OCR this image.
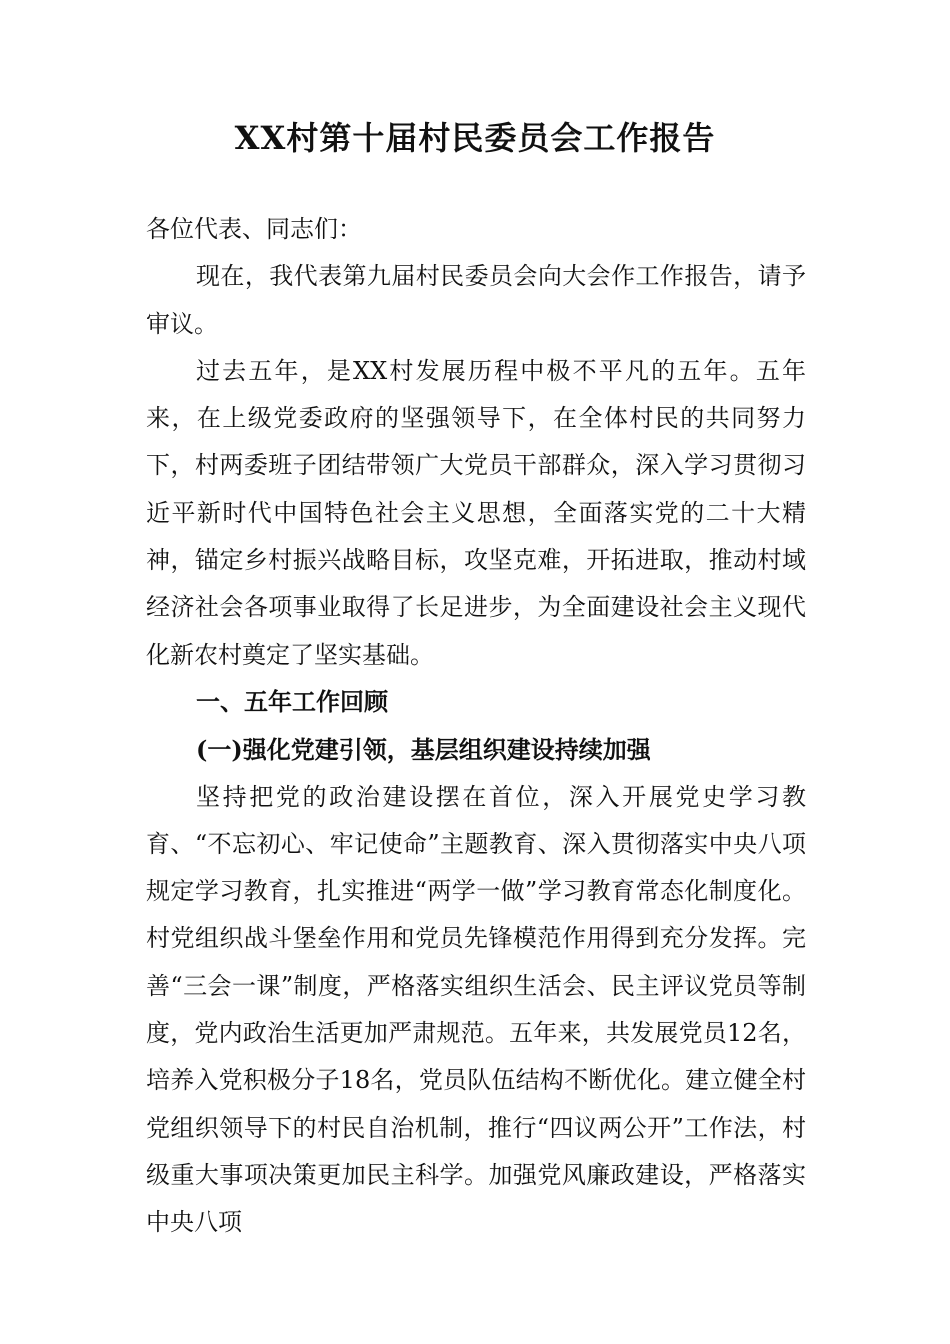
XX村第十届村民委员会工作报告

各位代表、同志们：

现在，我代表第九届村民委员会向大会作工作报告，请予审议。

过去五年，是XX村发展历程中极不平凡的五年。五年来，在上级党委政府的坚强领导下，在全体村民的共同努力下，村两委班子团结带领广大党员干部群众，深入学习贯彻习近平新时代中国特色社会主义思想，全面落实党的二十大精神，锚定乡村振兴战略目标，攻坚克难，开拓进取，推动村域经济社会各项事业取得了长足进步，为全面建设社会主义现代化新农村奠定了坚实基础。

一、五年工作回顾

(一)强化党建引领，基层组织建设持续加强

坚持把党的政治建设摆在首位，深入开展党史学习教育、“不忘初心、牢记使命”主题教育、深入贯彻落实中央八项规定学习教育，扎实推进“两学一做”学习教育常态化制度化。村党组织战斗堡垒作用和党员先锋模范作用得到充分发挥。完善“三会一课”制度，严格落实组织生活会、民主评议党员等制度，党内政治生活更加严肃规范。五年来，共发展党员12名，培养入党积极分子18名，党员队伍结构不断优化。建立健全村党组织领导下的村民自治机制，推行“四议两公开”工作法，村级重大事项决策更加民主科学。加强党风廉政建设，严格落实中央八项
